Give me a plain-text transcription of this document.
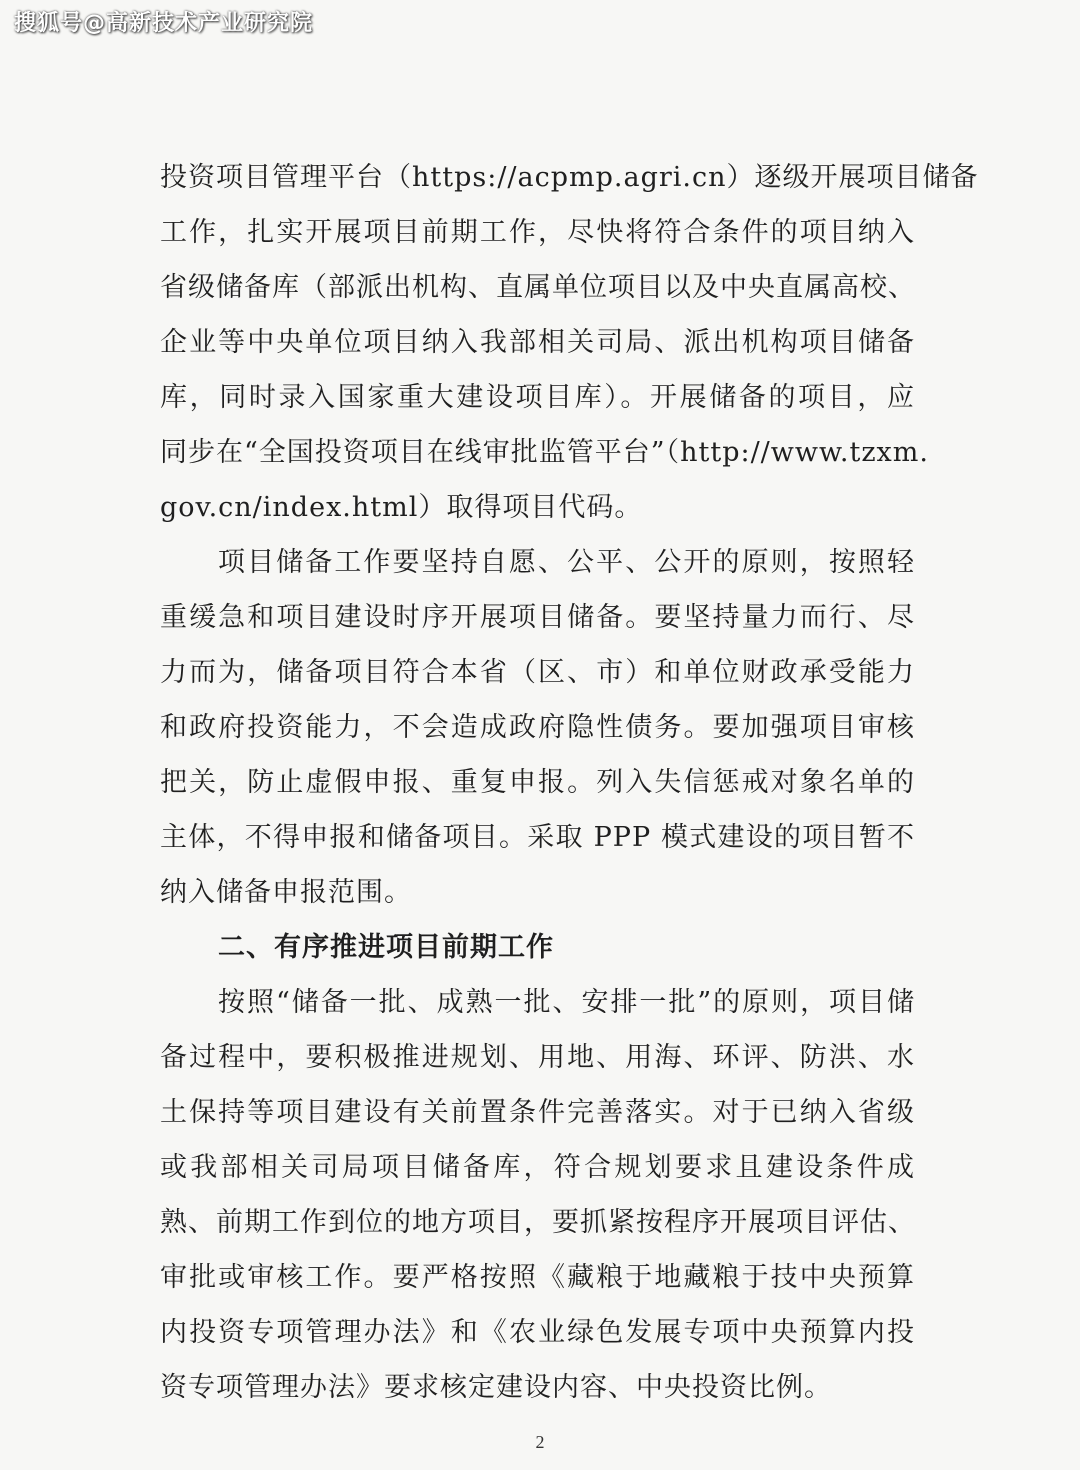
搜狐号@高新技术产业研究院
投资项目管理平台（https://acpmp.agri.cn）逐级开展项目储备
工作，扎实开展项目前期工作，尽快将符合条件的项目纳入
省级储备库（部派出机构、直属单位项目以及中央直属高校、
企业等中央单位项目纳入我部相关司局、派出机构项目储备
库，同时录入国家重大建设项目库）。开展储备的项目，应
同步在“全国投资项目在线审批监管平台”（http://www.tzxm.
gov.cn/index.html）取得项目代码。
项目储备工作要坚持自愿、公平、公开的原则，按照轻
重缓急和项目建设时序开展项目储备。要坚持量力而行、尽
力而为，储备项目符合本省（区、市）和单位财政承受能力
和政府投资能力，不会造成政府隐性债务。要加强项目审核
把关，防止虚假申报、重复申报。列入失信惩戒对象名单的
主体，不得申报和储备项目。采取 PPP 模式建设的项目暂不
纳入储备申报范围。
二、有序推进项目前期工作
按照“储备一批、成熟一批、安排一批”的原则，项目储
备过程中，要积极推进规划、用地、用海、环评、防洪、水
土保持等项目建设有关前置条件完善落实。对于已纳入省级
或我部相关司局项目储备库，符合规划要求且建设条件成
熟、前期工作到位的地方项目，要抓紧按程序开展项目评估、
审批或审核工作。要严格按照《藏粮于地藏粮于技中央预算
内投资专项管理办法》和《农业绿色发展专项中央预算内投
资专项管理办法》要求核定建设内容、中央投资比例。
2
